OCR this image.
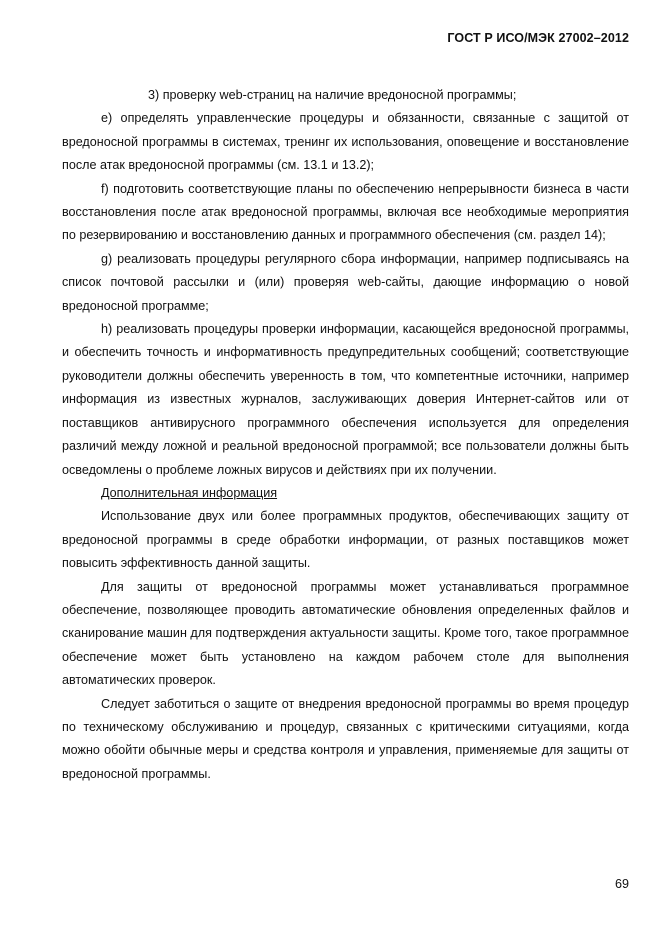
ГОСТ Р ИСО/МЭК 27002–2012

3) проверку web-страниц на наличие вредоносной программы;

е) определять управленческие процедуры и обязанности, связанные с защитой от вредоносной программы в системах, тренинг их использования, оповещение и восстановление после атак вредоносной программы (см. 13.1 и 13.2);

f) подготовить соответствующие планы по обеспечению непрерывности бизнеса в части восстановления после атак вредоносной программы, включая все необходимые мероприятия по резервированию и восстановлению данных и программного обеспечения (см. раздел 14);

g) реализовать процедуры регулярного сбора информации, например подписываясь на список почтовой рассылки и (или) проверяя web-сайты, дающие информацию о новой вредоносной программе;

h) реализовать процедуры проверки информации, касающейся вредоносной программы, и обеспечить точность и информативность предупредительных сообщений; соответствующие руководители должны обеспечить уверенность в том, что компетентные источники, например информация из известных журналов, заслуживающих доверия Интернет-сайтов или от поставщиков антивирусного программного обеспечения используется для определения различий между ложной и реальной вредоносной программой; все пользователи должны быть осведомлены о проблеме ложных вирусов и действиях при их получении.

Дополнительная информация

Использование двух или более программных продуктов, обеспечивающих защиту от вредоносной программы в среде обработки информации, от разных поставщиков может повысить эффективность данной защиты.

Для защиты от вредоносной программы может устанавливаться программное обеспечение, позволяющее проводить автоматические обновления определенных файлов и сканирование машин для подтверждения актуальности защиты. Кроме того, такое программное обеспечение может быть установлено на каждом рабочем столе для выполнения автоматических проверок.

Следует заботиться о защите от внедрения вредоносной программы во время процедур по техническому обслуживанию и процедур, связанных с критическими ситуациями, когда можно обойти обычные меры и средства контроля и управления, применяемые для защиты от вредоносной программы.

69
